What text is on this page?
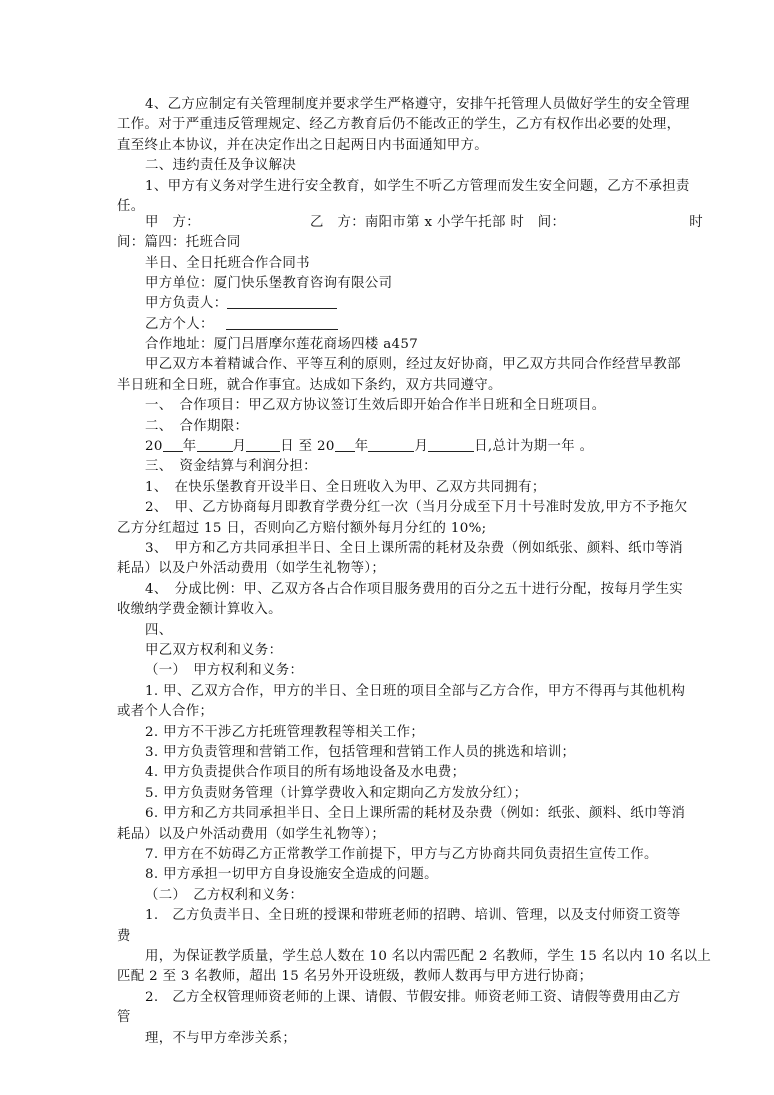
4、乙方应制定有关管理制度并要求学生严格遵守，安排午托管理人员做好学生的安全管理
工作。对于严重违反管理规定、经乙方教育后仍不能改正的学生，乙方有权作出必要的处理，
直至终止本协议，并在决定作出之日起两日内书面通知甲方。
二、违约责任及争议解决
1、甲方有义务对学生进行安全教育，如学生不听乙方管理而发生安全问题，乙方不承担责
任。
甲　方：	乙　方：南阳市第 x 小学午托部 时　间：	时
间：篇四：托班合同
半日、全日托班合作合同书
甲方单位：厦门快乐堡教育咨询有限公司
甲方负责人：
乙方个人：
合作地址：厦门吕厝摩尔莲花商场四楼 a457
甲乙双方本着精诚合作、平等互利的原则，经过友好协商，甲乙双方共同合作经营早教部
半日班和全日班，就合作事宜。达成如下条约，双方共同遵守。
一、　合作项目：甲乙双方协议签订生效后即开始合作半日班和全日班项目。
二、　合作期限：
20 年	月	日 至 20 年	月	日,总计为期一年 。
三、　资金结算与利润分担：
1、　在快乐堡教育开设半日、全日班收入为甲、乙双方共同拥有；
2、　甲、乙方协商每月即教育学费分红一次（当月分成至下月十号准时发放,甲方不予拖欠
乙方分红超过 15 日，否则向乙方赔付额外每月分红的 10%;
3、　甲方和乙方共同承担半日、全日上课所需的耗材及杂费（例如纸张、颜料、纸巾等消
耗品）以及户外活动费用（如学生礼物等）；
4、　分成比例：甲、乙双方各占合作项目服务费用的百分之五十进行分配，按每月学生实
收缴纳学费金额计算收入。
四、
甲乙双方权利和义务：
（一）　甲方权利和义务：
1. 甲、乙双方合作，甲方的半日、全日班的项目全部与乙方合作，甲方不得再与其他机构
或者个人合作；
2. 甲方不干涉乙方托班管理教程等相关工作；
3. 甲方负责管理和营销工作，包括管理和营销工作人员的挑选和培训；
4. 甲方负责提供合作项目的所有场地设备及水电费；
5. 甲方负责财务管理（计算学费收入和定期向乙方发放分红）；
6. 甲方和乙方共同承担半日、全日上课所需的耗材及杂费（例如：纸张、颜料、纸巾等消
耗品）以及户外活动费用（如学生礼物等）；
7. 甲方在不妨碍乙方正常教学工作前提下，甲方与乙方协商共同负责招生宣传工作。
8. 甲方承担一切甲方自身设施安全造成的问题。
（二）　乙方权利和义务：
1.　乙方负责半日、全日班的授课和带班老师的招聘、培训、管理，以及支付师资工资等
费
用，为保证教学质量，学生总人数在 10 名以内需匹配 2 名教师，学生 15 名以内 10 名以上
匹配 2 至 3 名教师，超出 15 名另外开设班级，教师人数再与甲方进行协商；
2.　乙方全权管理师资老师的上课、请假、节假安排。师资老师工资、请假等费用由乙方
管
理，不与甲方牵涉关系；
